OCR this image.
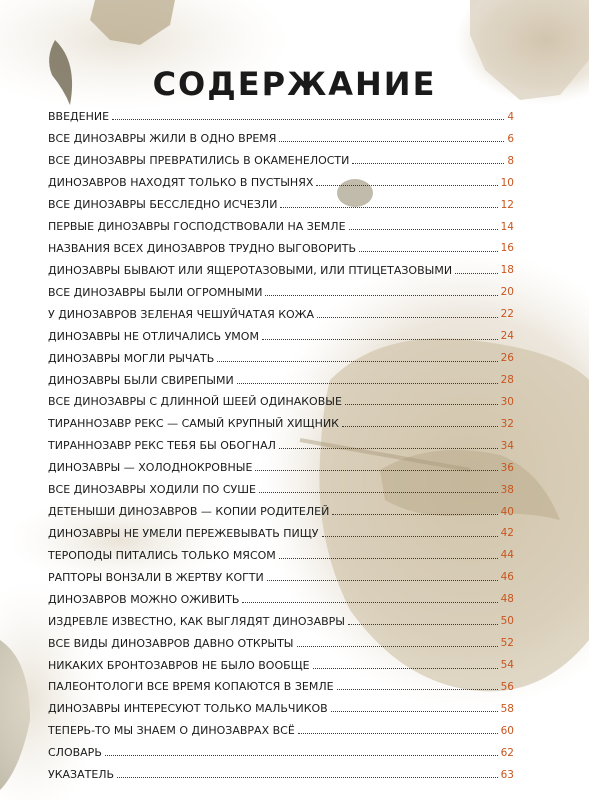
СОДЕРЖАНИЕ
ВВЕДЕНИЕ	4
ВСЕ ДИНОЗАВРЫ ЖИЛИ В ОДНО ВРЕМЯ	6
ВСЕ ДИНОЗАВРЫ ПРЕВРАТИЛИСЬ В ОКАМЕНЕЛОСТИ	8
ДИНОЗАВРОВ НАХОДЯТ ТОЛЬКО В ПУСТЫНЯХ	10
ВСЕ ДИНОЗАВРЫ БЕССЛЕДНО ИСЧЕЗЛИ	12
ПЕРВЫЕ ДИНОЗАВРЫ ГОСПОДСТВОВАЛИ НА ЗЕМЛЕ	14
НАЗВАНИЯ ВСЕХ ДИНОЗАВРОВ ТРУДНО ВЫГОВОРИТЬ	16
ДИНОЗАВРЫ БЫВАЮТ ИЛИ ЯЩЕРОТАЗОВЫМИ, ИЛИ ПТИЦЕТАЗОВЫМИ	18
ВСЕ ДИНОЗАВРЫ БЫЛИ ОГРОМНЫМИ	20
У ДИНОЗАВРОВ ЗЕЛЕНАЯ ЧЕШУЙЧАТАЯ КОЖА	22
ДИНОЗАВРЫ НЕ ОТЛИЧАЛИСЬ УМОМ	24
ДИНОЗАВРЫ МОГЛИ РЫЧАТЬ	26
ДИНОЗАВРЫ БЫЛИ СВИРЕПЫМИ	28
ВСЕ ДИНОЗАВРЫ С ДЛИННОЙ ШЕЕЙ ОДИНАКОВЫЕ	30
ТИРАННОЗАВР РЕКС — САМЫЙ КРУПНЫЙ ХИЩНИК	32
ТИРАННОЗАВР РЕКС ТЕБЯ БЫ ОБОГНАЛ	34
ДИНОЗАВРЫ — ХОЛОДНОКРОВНЫЕ	36
ВСЕ ДИНОЗАВРЫ ХОДИЛИ ПО СУШЕ	38
ДЕТЕНЫШИ ДИНОЗАВРОВ — КОПИИ РОДИТЕЛЕЙ	40
ДИНОЗАВРЫ НЕ УМЕЛИ ПЕРЕЖЕВЫВАТЬ ПИЩУ	42
ТЕРОПОДЫ ПИТАЛИСЬ ТОЛЬКО МЯСОМ	44
РАПТОРЫ ВОНЗАЛИ В ЖЕРТВУ КОГТИ	46
ДИНОЗАВРОВ МОЖНО ОЖИВИТЬ	48
ИЗДРЕВЛЕ ИЗВЕСТНО, КАК ВЫГЛЯДЯТ ДИНОЗАВРЫ	50
ВСЕ ВИДЫ ДИНОЗАВРОВ ДАВНО ОТКРЫТЫ	52
НИКАКИХ БРОНТОЗАВРОВ НЕ БЫЛО ВООБЩЕ	54
ПАЛЕОНТОЛОГИ ВСЕ ВРЕМЯ КОПАЮТСЯ В ЗЕМЛЕ	56
ДИНОЗАВРЫ ИНТЕРЕСУЮТ ТОЛЬКО МАЛЬЧИКОВ	58
ТЕПЕРЬ-ТО МЫ ЗНАЕМ О ДИНОЗАВРАХ ВСЁ	60
СЛОВАРЬ	62
УКАЗАТЕЛЬ	63
